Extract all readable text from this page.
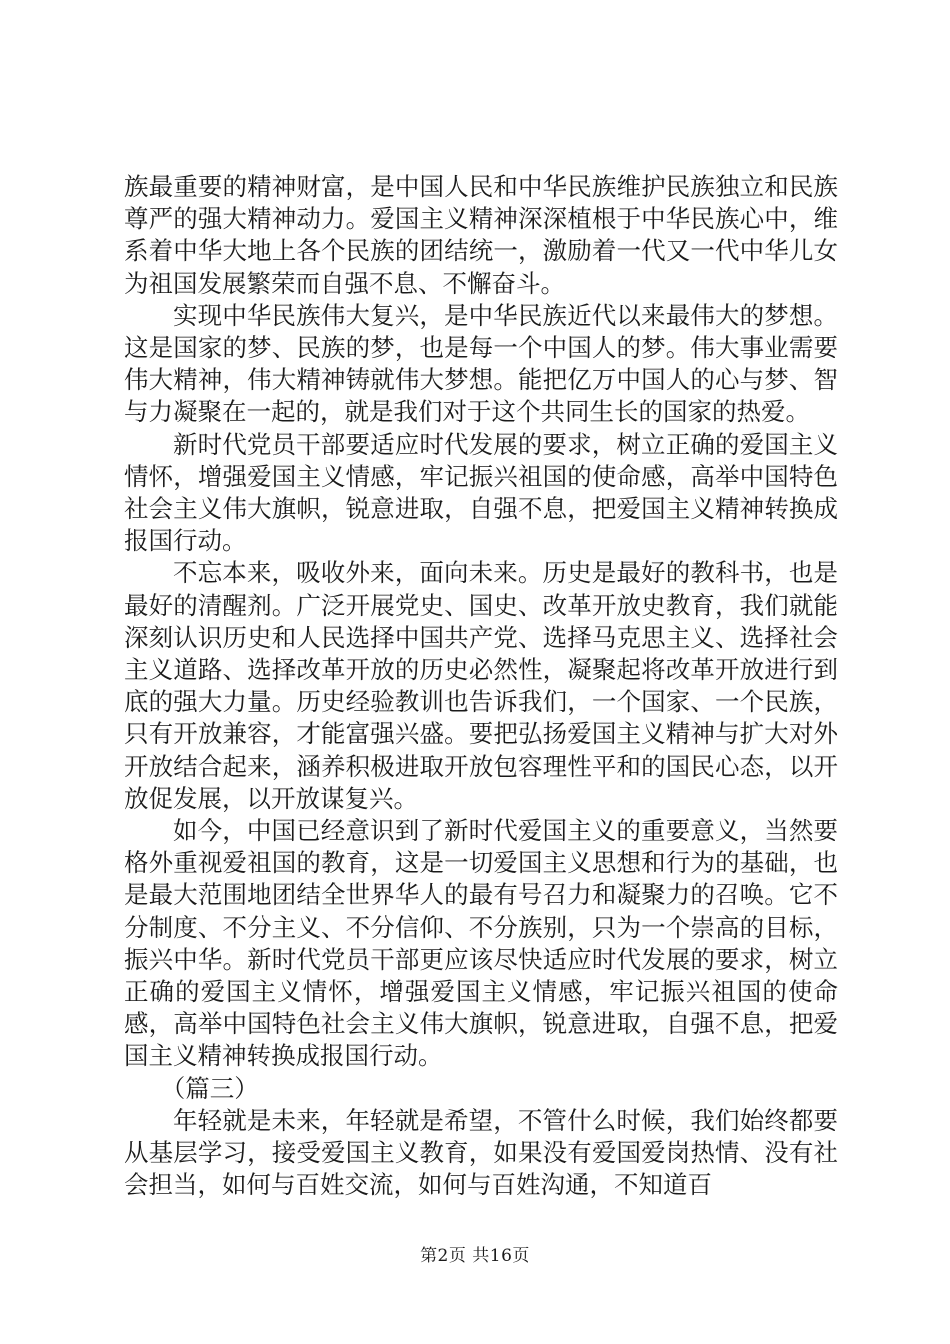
族最重要的精神财富，是中国人民和中华民族维护民族独立和民族尊严的强大精神动力。爱国主义精神深深植根于中华民族心中，维系着中华大地上各个民族的团结统一，激励着一代又一代中华儿女为祖国发展繁荣而自强不息、不懈奋斗。

实现中华民族伟大复兴，是中华民族近代以来最伟大的梦想。这是国家的梦、民族的梦，也是每一个中国人的梦。伟大事业需要伟大精神，伟大精神铸就伟大梦想。能把亿万中国人的心与梦、智与力凝聚在一起的，就是我们对于这个共同生长的国家的热爱。

新时代党员干部要适应时代发展的要求，树立正确的爱国主义情怀，增强爱国主义情感，牢记振兴祖国的使命感，高举中国特色社会主义伟大旗帜，锐意进取，自强不息，把爱国主义精神转换成报国行动。

不忘本来，吸收外来，面向未来。历史是最好的教科书，也是最好的清醒剂。广泛开展党史、国史、改革开放史教育，我们就能深刻认识历史和人民选择中国共产党、选择马克思主义、选择社会主义道路、选择改革开放的历史必然性，凝聚起将改革开放进行到底的强大力量。历史经验教训也告诉我们，一个国家、一个民族，只有开放兼容，才能富强兴盛。要把弘扬爱国主义精神与扩大对外开放结合起来，涵养积极进取开放包容理性平和的国民心态，以开放促发展，以开放谋复兴。

如今，中国已经意识到了新时代爱国主义的重要意义，当然要格外重视爱祖国的教育，这是一切爱国主义思想和行为的基础，也是最大范围地团结全世界华人的最有号召力和凝聚力的召唤。它不分制度、不分主义、不分信仰、不分族别，只为一个崇高的目标，振兴中华。新时代党员干部更应该尽快适应时代发展的要求，树立正确的爱国主义情怀，增强爱国主义情感，牢记振兴祖国的使命感，高举中国特色社会主义伟大旗帜，锐意进取，自强不息，把爱国主义精神转换成报国行动。

（篇三）

年轻就是未来，年轻就是希望，不管什么时候，我们始终都要从基层学习，接受爱国主义教育，如果没有爱国爱岗热情、没有社会担当，如何与百姓交流，如何与百姓沟通，不知道百

第2页 共16页
